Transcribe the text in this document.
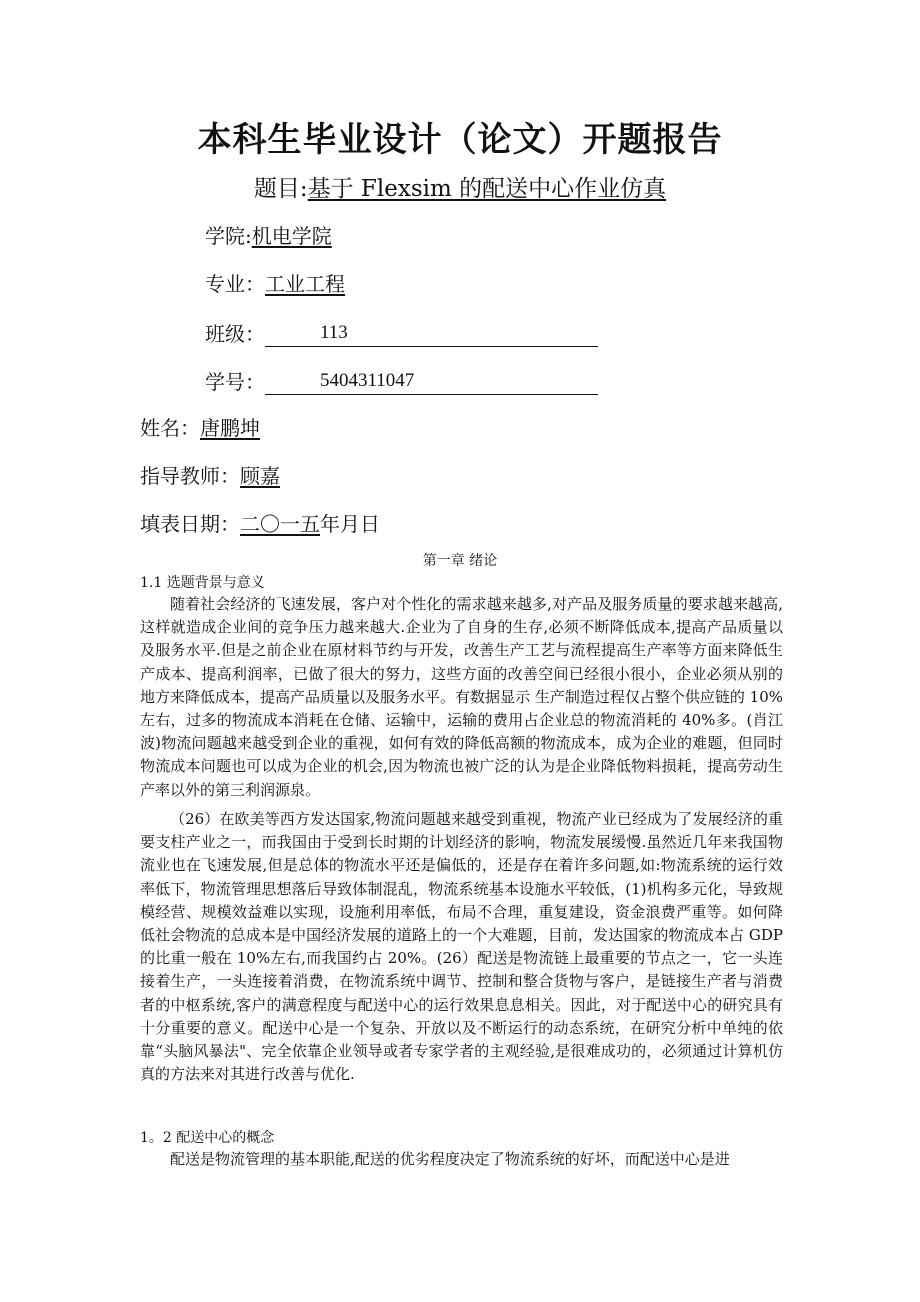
本科生毕业设计（论文）开题报告
题目:基于 Flexsim 的配送中心作业仿真
学院:机电学院
专业：工业工程
班级：	113
学号：	5404311047
姓名：唐鹏坤
指导教师：顾嘉
填表日期：二〇一五年月日
第一章 绪论
1.1 选题背景与意义

随着社会经济的飞速发展，客户对个性化的需求越来越多,对产品及服务质量的要求越来越高,这样就造成企业间的竞争压力越来越大.企业为了自身的生存,必须不断降低成本,提高产品质量以及服务水平.但是之前企业在原材料节约与开发，改善生产工艺与流程提高生产率等方面来降低生产成本、提高利润率，已做了很大的努力，这些方面的改善空间已经很小很小，企业必须从别的地方来降低成本，提高产品质量以及服务水平。有数据显示 生产制造过程仅占整个供应链的 10%左右，过多的物流成本消耗在仓储、运输中，运输的费用占企业总的物流消耗的 40%多。(肖江波)物流问题越来越受到企业的重视，如何有效的降低高额的物流成本，成为企业的难题，但同时物流成本问题也可以成为企业的机会,因为物流也被广泛的认为是企业降低物料损耗，提高劳动生产率以外的第三利润源泉。

（26）在欧美等西方发达国家,物流问题越来越受到重视，物流产业已经成为了发展经济的重要支柱产业之一，而我国由于受到长时期的计划经济的影响，物流发展缓慢.虽然近几年来我国物流业也在飞速发展,但是总体的物流水平还是偏低的，还是存在着许多问题,如:物流系统的运行效率低下，物流管理思想落后导致体制混乱，物流系统基本设施水平较低，(1)机构多元化，导致规模经营、规模效益难以实现，设施利用率低，布局不合理，重复建设，资金浪费严重等。如何降低社会物流的总成本是中国经济发展的道路上的一个大难题，目前，发达国家的物流成本占 GDP 的比重一般在 10%左右,而我国约占 20%。(26）配送是物流链上最重要的节点之一，它一头连接着生产，一头连接着消费，在物流系统中调节、控制和整合货物与客户，是链接生产者与消费者的中枢系统,客户的满意程度与配送中心的运行效果息息相关。因此，对于配送中心的研究具有十分重要的意义。配送中心是一个复杂、开放以及不断运行的动态系统，在研究分析中单纯的依靠“头脑风暴法"、完全依靠企业领导或者专家学者的主观经验,是很难成功的，必须通过计算机仿真的方法来对其进行改善与优化.

1。2 配送中心的概念

配送是物流管理的基本职能,配送的优劣程度决定了物流系统的好坏，而配送中心是进
